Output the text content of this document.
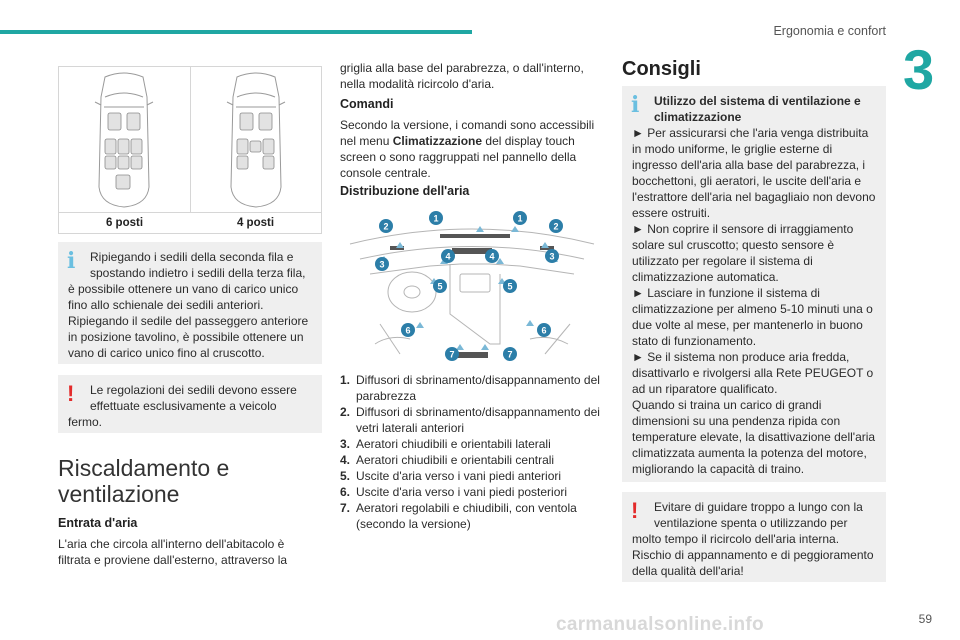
Ergonomia e confort
3
6 posti	4 posti
i	Ripiegando i sedili della seconda fila e
spostando indietro i sedili della terza fila,

è possibile ottenere un vano di carico unico fino allo schienale dei sedili anteriori. Ripiegando il sedile del passeggero anteriore in posizione tavolino, è possibile ottenere un vano di carico unico fino al cruscotto.

!	Le regolazioni dei sedili devono essere
effettuate esclusivamente a veicolo

fermo.

Riscaldamento e
ventilazione
Entrata d'aria
L'aria che circola all'interno dell'abitacolo è filtrata e proviene dall'esterno, attraverso la
griglia alla base del parabrezza, o dall'interno, nella modalità ricircolo d'aria.
Comandi
Secondo la versione, i comandi sono accessibili nel menu Climatizzazione del display touch screen o sono raggruppati nel pannello della console centrale.
Distribuzione dell'aria
1	1
2	2
3
3
4	4
5	5
6	6
7	7
1. Diffusori di sbrinamento/disappannamento del parabrezza
2. Diffusori di sbrinamento/disappannamento dei vetri laterali anteriori
3. Aeratori chiudibili e orientabili laterali
4. Aeratori chiudibili e orientabili centrali
5. Uscite d'aria verso i vani piedi anteriori
6. Uscite d'aria verso i vani piedi posteriori
7. Aeratori regolabili e chiudibili, con ventola (secondo la versione)
Consigli
i	Utilizzo del sistema di ventilazione e
climatizzazione

► Per assicurarsi che l'aria venga distribuita in modo uniforme, le griglie esterne di ingresso dell'aria alla base del parabrezza, i bocchettoni, gli aeratori, le uscite dell'aria e l'estrattore dell'aria nel bagagliaio non devono essere ostruiti.

► Non coprire il sensore di irraggiamento solare sul cruscotto; questo sensore è utilizzato per regolare il sistema di climatizzazione automatica.

► Lasciare in funzione il sistema di climatizzazione per almeno 5-10 minuti una o due volte al mese, per mantenerlo in buono stato di funzionamento.

► Se il sistema non produce aria fredda, disattivarlo e rivolgersi alla Rete PEUGEOT o ad un riparatore qualificato.

Quando si traina un carico di grandi dimensioni su una pendenza ripida con temperature elevate, la disattivazione dell'aria climatizzata aumenta la potenza del motore, migliorando la capacità di traino.

!	Evitare di guidare troppo a lungo con la
ventilazione spenta o utilizzando per

molto tempo il ricircolo dell'aria interna. Rischio di appannamento e di peggioramento della qualità dell'aria!

carmanualsonline.info	59
